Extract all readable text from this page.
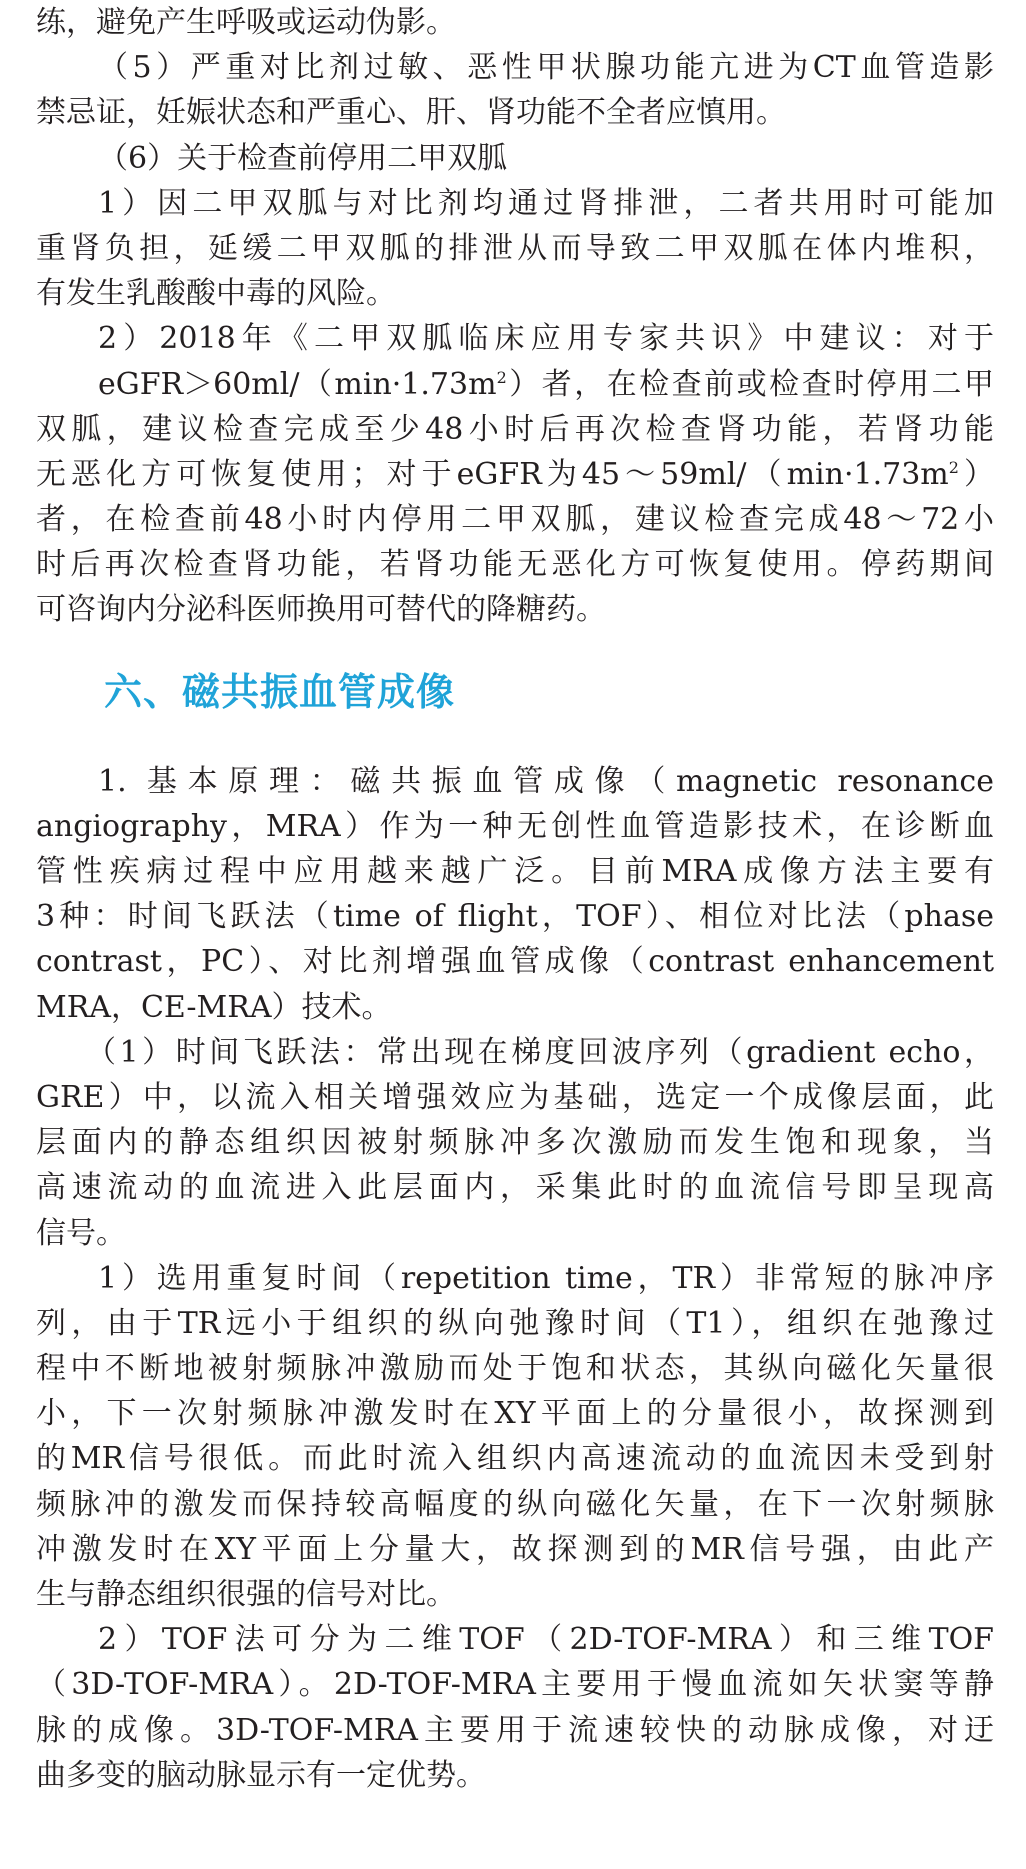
练，避免产生呼吸或运动伪影。
（5）严重对比剂过敏、恶性甲状腺功能亢进为CT血管造影
禁忌证，妊娠状态和严重心、肝、肾功能不全者应慎用。
（6）关于检查前停用二甲双胍
1）因二甲双胍与对比剂均通过肾排泄，二者共用时可能加
重肾负担，延缓二甲双胍的排泄从而导致二甲双胍在体内堆积，
有发生乳酸酸中毒的风险。
2）2018年《二甲双胍临床应用专家共识》中建议：对于
$eGFR>60ml/(\min\cdot 1.73m^2)$者，在检查前或检查时停用二甲
双胍，建议检查完成至少48小时后再次检查肾功能，若肾功能
无恶化方可恢复使用；对于eGFR为$45\sim 59ml/(\min\cdot 1.73m^2)$
者，在检查前48小时内停用二甲双胍，建议检查完成48～72小
时后再次检查肾功能，若肾功能无恶化方可恢复使用。停药期间
可咨询内分泌科医师换用可替代的降糖药。
六、磁共振血管成像
1. 基本原理：磁共振血管成像（magnetic resonance
angiography，MRA）作为一种无创性血管造影技术，在诊断血
管性疾病过程中应用越来越广泛。目前MRA成像方法主要有
3种：时间飞跃法（time of flight，TOF）、相位对比法（phase
contrast，PC）、对比剂增强血管成像（contrast enhancement
MRA，CE-MRA）技术。
（1）时间飞跃法：常出现在梯度回波序列（gradient echo，
GRE）中，以流入相关增强效应为基础，选定一个成像层面，此
层面内的静态组织因被射频脉冲多次激励而发生饱和现象，当
高速流动的血流进入此层面内，采集此时的血流信号即呈现高
信号。
1）选用重复时间（repetition time，TR）非常短的脉冲序
列，由于TR远小于组织的纵向弛豫时间（T1），组织在弛豫过
程中不断地被射频脉冲激励而处于饱和状态，其纵向磁化矢量很
小，下一次射频脉冲激发时在XY平面上的分量很小，故探测到
的MR信号很低。而此时流入组织内高速流动的血流因未受到射
频脉冲的激发而保持较高幅度的纵向磁化矢量，在下一次射频脉
冲激发时在XY平面上分量大，故探测到的MR信号强，由此产
生与静态组织很强的信号对比。
2）TOF法可分为二维TOF（2D-TOF-MRA）和三维TOF
（3D-TOF-MRA）。2D-TOF-MRA主要用于慢血流如矢状窦等静
脉的成像。3D-TOF-MRA主要用于流速较快的动脉成像，对迂
曲多变的脑动脉显示有一定优势。
